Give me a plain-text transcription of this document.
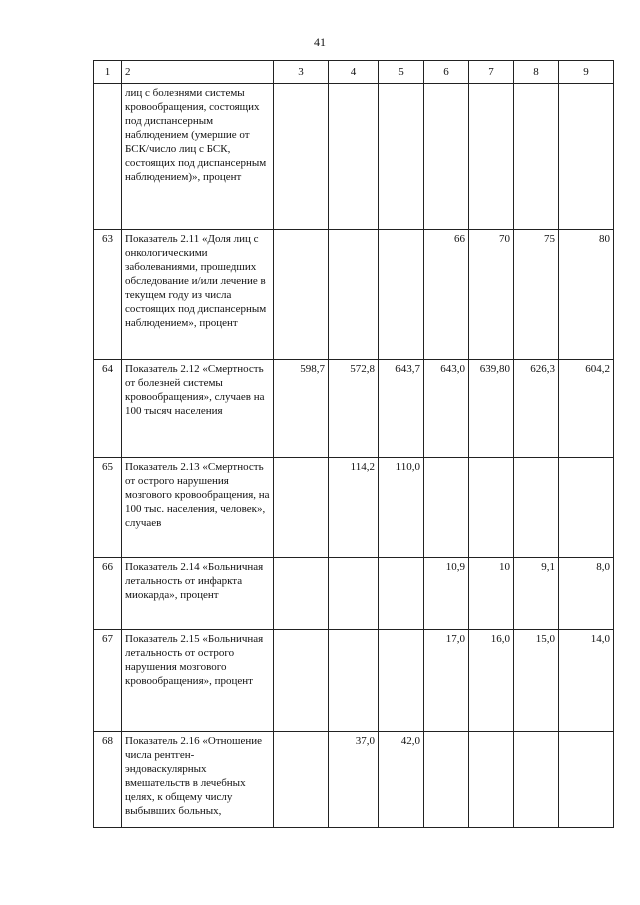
41
1	2	3	4	5	6	7	8	9
	лиц с болезнями системы кровообращения, состоящих под диспансерным наблюдением (умершие от БСК/число лиц с БСК, состоящих под диспансерным наблюдением)», процент							
63	Показатель 2.11 «Доля лиц с онкологическими заболеваниями, прошедших обследование и/или лечение в текущем году из числа состоящих под диспансерным наблюдением», процент				66	70	75	80
64	Показатель 2.12 «Смертность от болезней системы кровообращения», случаев на 100 тысяч населения	598,7	572,8	643,7	643,0	639,80	626,3	604,2
65	Показатель 2.13 «Смертность от острого нарушения мозгового кровообращения, на 100 тыс. населения, человек», случаев		114,2	110,0				
66	Показатель 2.14 «Больничная летальность от инфаркта миокарда», процент				10,9	10	9,1	8,0
67	Показатель 2.15 «Больничная летальность от острого нарушения мозгового кровообращения», процент				17,0	16,0	15,0	14,0
68	Показатель 2.16 «Отношение числа рентген-эндоваскулярных вмешательств в лечебных целях, к общему числу выбывших больных,		37,0	42,0				
